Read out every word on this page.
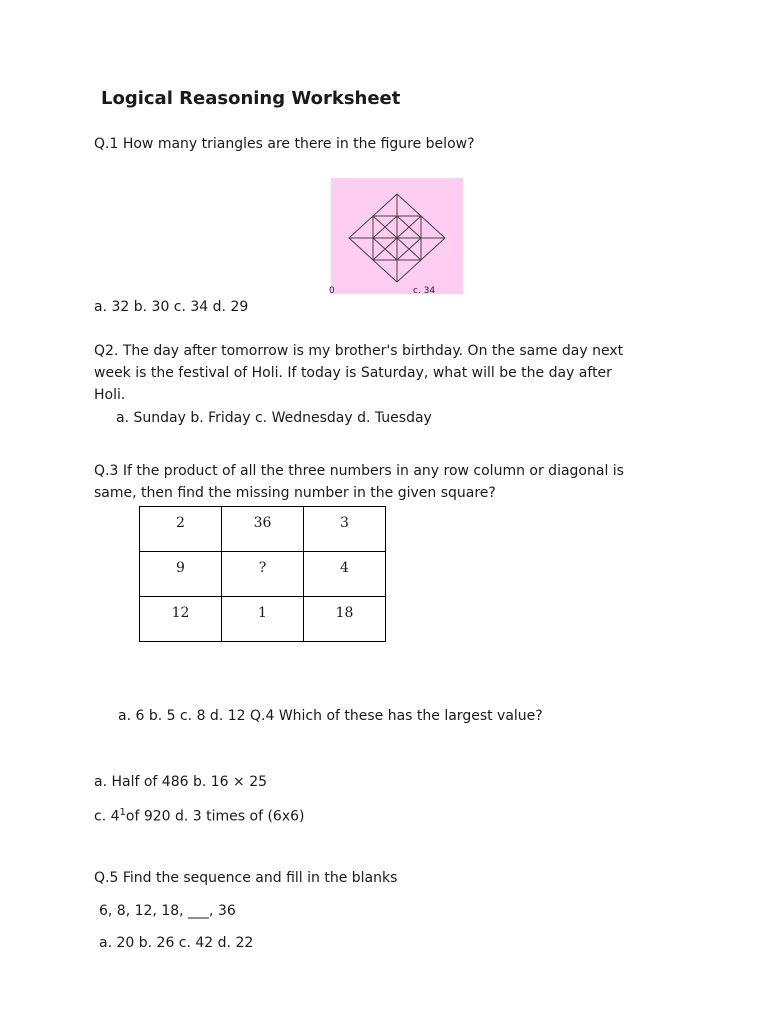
Logical Reasoning Worksheet
Q.1 How many triangles are there in the figure below?
0	c. 34
a. 32 b. 30 c. 34 d. 29
Q2. The day after tomorrow is my brother's birthday. On the same day next
week is the festival of Holi. If today is Saturday, what will be the day after
Holi.
a. Sunday b. Friday c. Wednesday d. Tuesday
Q.3 If the product of all the three numbers in any row column or diagonal is
same, then find the missing number in the given square?
2	36	3
9	?	4
12	1	18
a. 6 b. 5 c. 8 d. 12 Q.4 Which of these has the largest value?
a. Half of 486 b. 16 × 25
c. $4^1of$ 920 d. 3 times of (6x6)
Q.5 Find the sequence and fill in the blanks
6, 8, 12, 18, ___, 36
a. 20 b. 26 c. 42 d. 22
